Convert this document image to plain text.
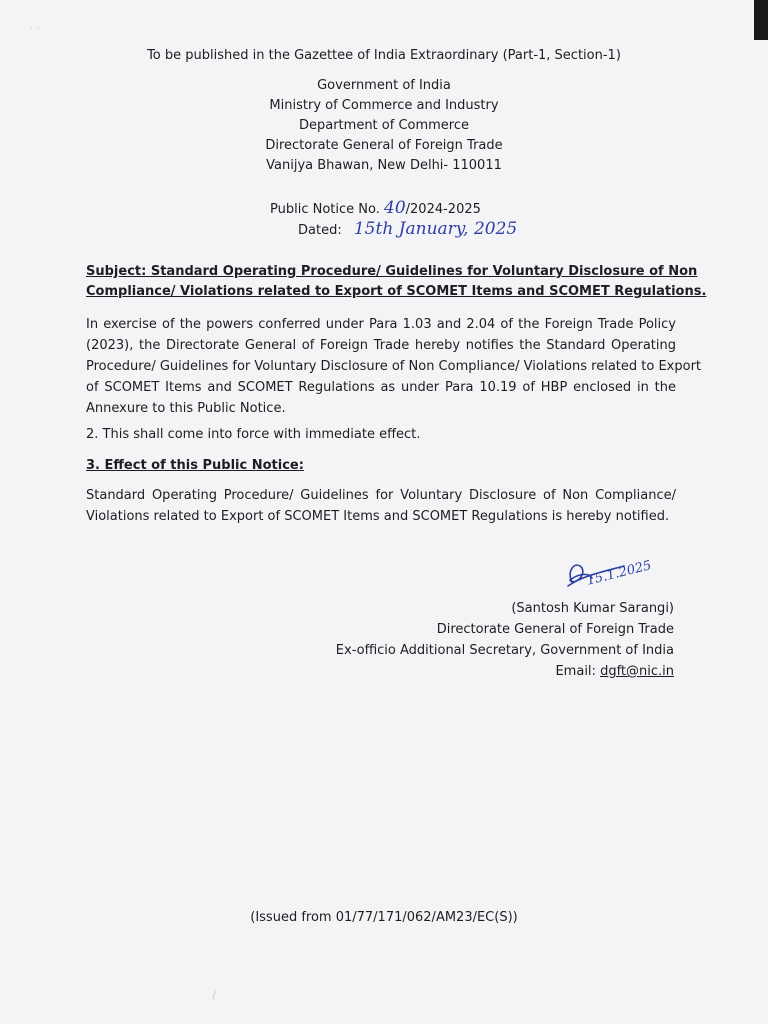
· ·
\
To be published in the Gazettee of India Extraordinary (Part-1, Section-1)
Government of India
Ministry of Commerce and Industry
Department of Commerce
Directorate General of Foreign Trade
Vanijya Bhawan, New Delhi- 110011
Public Notice No. 40/2024-2025
Dated: 15th January, 2025
Subject: Standard Operating Procedure/ Guidelines for Voluntary Disclosure of Non
Compliance/ Violations related to Export of SCOMET Items and SCOMET Regulations.
In exercise of the powers conferred under Para 1.03 and 2.04 of the Foreign Trade Policy
(2023), the Directorate General of Foreign Trade hereby notifies the Standard Operating
Procedure/ Guidelines for Voluntary Disclosure of Non Compliance/ Violations related to Export
of SCOMET Items and SCOMET Regulations as under Para 10.19 of HBP enclosed in the
Annexure to this Public Notice.
2. This shall come into force with immediate effect.
3. Effect of this Public Notice:
Standard Operating Procedure/ Guidelines for Voluntary Disclosure of Non Compliance/
Violations related to Export of SCOMET Items and SCOMET Regulations is hereby notified.
15.1.2025
(Santosh Kumar Sarangi)
Directorate General of Foreign Trade
Ex-officio Additional Secretary, Government of India
Email: dgft@nic.in
(Issued from 01/77/171/062/AM23/EC(S))
